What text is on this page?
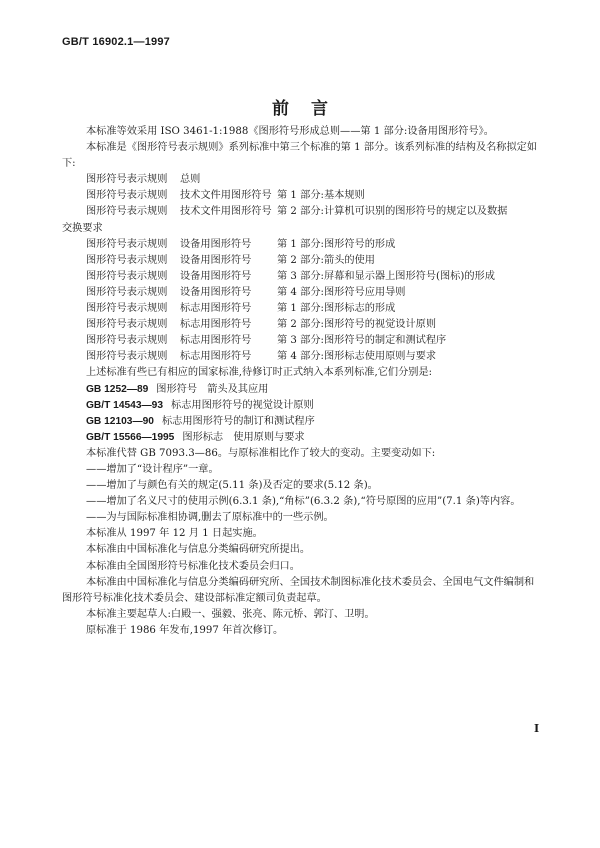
GB/T 16902.1—1997
前言

本标准等效采用 ISO 3461-1:1988《图形符号形成总则——第 1 部分:设备用图形符号》。

本标准是《图形符号表示规则》系列标准中第三个标准的第 1 部分。该系列标准的结构及名称拟定如下:

图形符号表示规则 总则
图形符号表示规则 技术文件用图形符号 第 1 部分:基本规则
图形符号表示规则 技术文件用图形符号 第 2 部分:计算机可识别的图形符号的规定以及数据
交换要求
图形符号表示规则 设备用图形符号	第 1 部分:图形符号的形成
图形符号表示规则 设备用图形符号	第 2 部分:箭头的使用
图形符号表示规则 设备用图形符号	第 3 部分:屏幕和显示器上图形符号(图标)的形成
图形符号表示规则 设备用图形符号	第 4 部分:图形符号应用导则
图形符号表示规则 标志用图形符号	第 1 部分:图形标志的形成
图形符号表示规则 标志用图形符号	第 2 部分:图形符号的视觉设计原则
图形符号表示规则 标志用图形符号	第 3 部分:图形符号的制定和测试程序
图形符号表示规则 标志用图形符号	第 4 部分:图形标志使用原则与要求

上述标准有些已有相应的国家标准,待修订时正式纳入本系列标准,它们分别是:

GB 1252—89 图形符号　箭头及其应用
GB/T 14543—93 标志用图形符号的视觉设计原则
GB 12103—90 标志用图形符号的制订和测试程序
GB/T 15566—1995 图形标志　使用原则与要求

本标准代替 GB 7093.3—86。与原标准相比作了较大的变动。主要变动如下:

——增加了“设计程序”一章。

——增加了与颜色有关的规定(5.11 条)及否定的要求(5.12 条)。

——增加了名义尺寸的使用示例(6.3.1 条),“角标”(6.3.2 条),“符号原图的应用”(7.1 条)等内容。

——为与国际标准相协调,删去了原标准中的一些示例。

本标准从 1997 年 12 月 1 日起实施。

本标准由中国标准化与信息分类编码研究所提出。

本标准由全国图形符号标准化技术委员会归口。

本标准由中国标准化与信息分类编码研究所、全国技术制图标准化技术委员会、全国电气文件编制和图形符号标准化技术委员会、建设部标准定额司负责起草。

本标准主要起草人:白殿一、强毅、张亮、陈元桥、郭汀、卫明。

原标准于 1986 年发布,1997 年首次修订。

I
